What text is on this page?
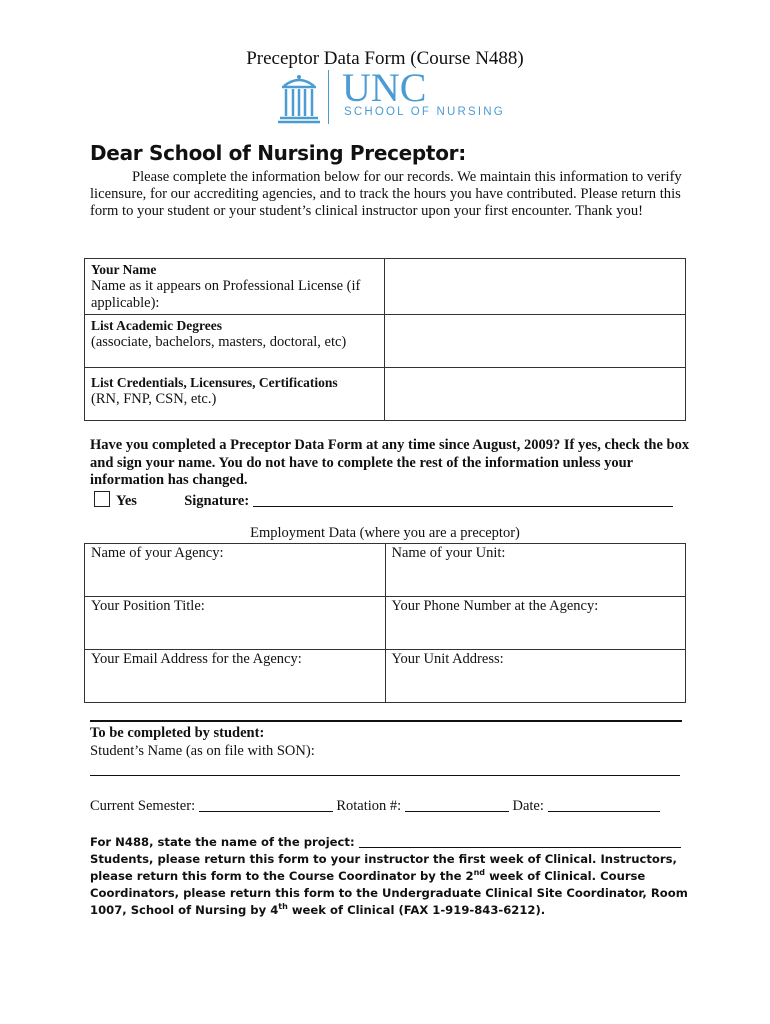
Preceptor Data Form (Course N488)
UNC
SCHOOL OF NURSING
Dear School of Nursing Preceptor:

Please complete the information below for our records. We maintain this information to verify licensure, for our accrediting agencies, and to track the hours you have contributed. Please return this form to your student or your student’s clinical instructor upon your first encounter. Thank you!

Your Name
Name as it appears on Professional License (if applicable):	

List Academic Degrees
(associate, bachelors, masters, doctoral, etc)	

List Credentials, Licensures, Certifications
(RN, FNP, CSN, etc.)	

Have you completed a Preceptor Data Form at any time since August, 2009? If yes, check the box and sign your name. You do not have to complete the rest of the information unless your information has changed.
Yes	Signature:
Employment Data (where you are a preceptor)
Name of your Agency:	Name of your Unit:
Your Position Title:	Your Phone Number at the Agency:
Your Email Address for the Agency:	Your Unit Address:
To be completed by student:
Student’s Name (as on file with SON):
Current Semester:	Rotation #:	Date:
For N488, state the name of the project:
Students, please return this form to your instructor the first week of Clinical. Instructors, please return this form to the Course Coordinator by the 2nd week of Clinical. Course Coordinators, please return this form to the Undergraduate Clinical Site Coordinator, Room 1007, School of Nursing by 4th week of Clinical (FAX 1-919-843-6212).
